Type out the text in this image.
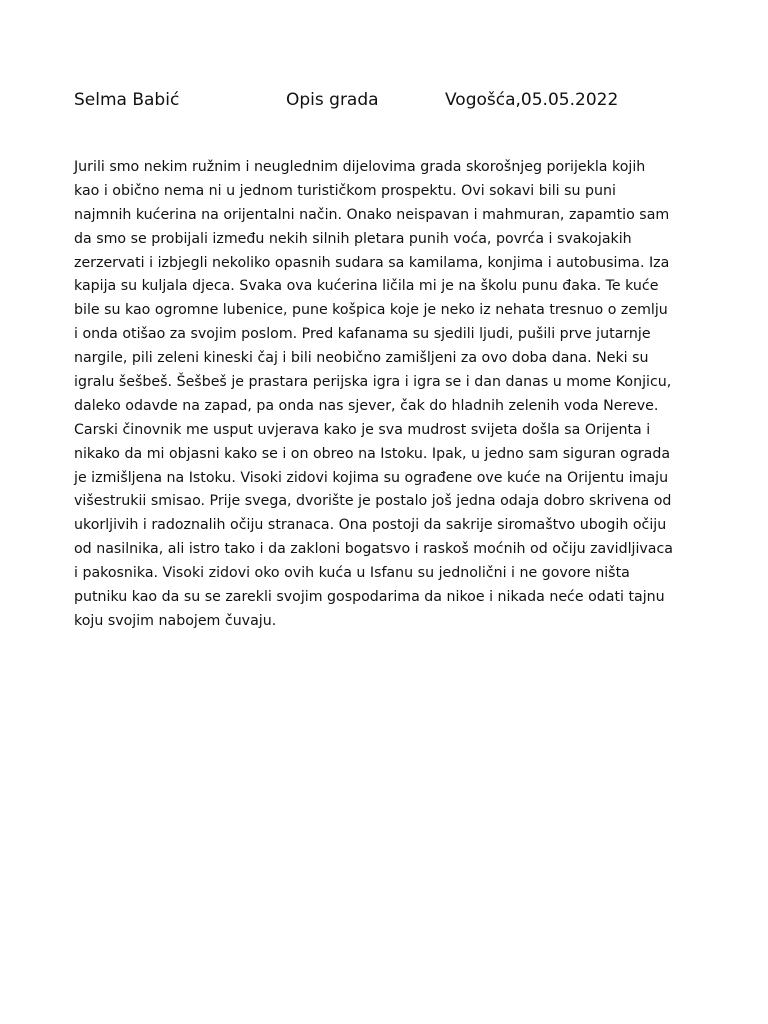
Selma Babić	Opis grada	Vogošća,05.05.2022
Jurili smo nekim ružnim i neuglednim dijelovima grada skorošnjeg porijekla kojih
kao i obično nema ni u jednom turističkom prospektu. Ovi sokavi bili su puni
najmnih kućerina na orijentalni način. Onako neispavan i mahmuran, zapamtio sam
da smo se probijali između nekih silnih pletara punih voća, povrća i svakojakih
zerzervati i izbjegli nekoliko opasnih sudara sa kamilama, konjima i autobusima. Iza
kapija su kuljala djeca. Svaka ova kućerina ličila mi je na školu punu đaka. Te kuće
bile su kao ogromne lubenice, pune košpica koje je neko iz nehata tresnuo o zemlju
i onda otišao za svojim poslom. Pred kafanama su sjedili ljudi, pušili prve jutarnje
nargile, pili zeleni kineski čaj i bili neobično zamišljeni za ovo doba dana. Neki su
igralu šešbeš. Šešbeš je prastara perijska igra i igra se i dan danas u mome Konjicu,
daleko odavde na zapad, pa onda nas sjever, čak do hladnih zelenih voda Nereve.
Carski činovnik me usput uvjerava kako je sva mudrost svijeta došla sa Orijenta i
nikako da mi objasni kako se i on obreo na Istoku. Ipak, u jedno sam siguran ograda
je izmišljena na Istoku. Visoki zidovi kojima su ograđene ove kuće na Orijentu imaju
višestrukii smisao. Prije svega, dvorište je postalo još jedna odaja dobro skrivena od
ukorljivih i radoznalih očiju stranaca. Ona postoji da sakrije siromaštvo ubogih očiju
od nasilnika, ali istro tako i da zakloni bogatsvo i raskoš moćnih od očiju zavidljivaca
i pakosnika. Visoki zidovi oko ovih kuća u Isfanu su jednolični i ne govore ništa
putniku kao da su se zarekli svojim gospodarima da nikoe i nikada neće odati tajnu
koju svojim nabojem čuvaju.
